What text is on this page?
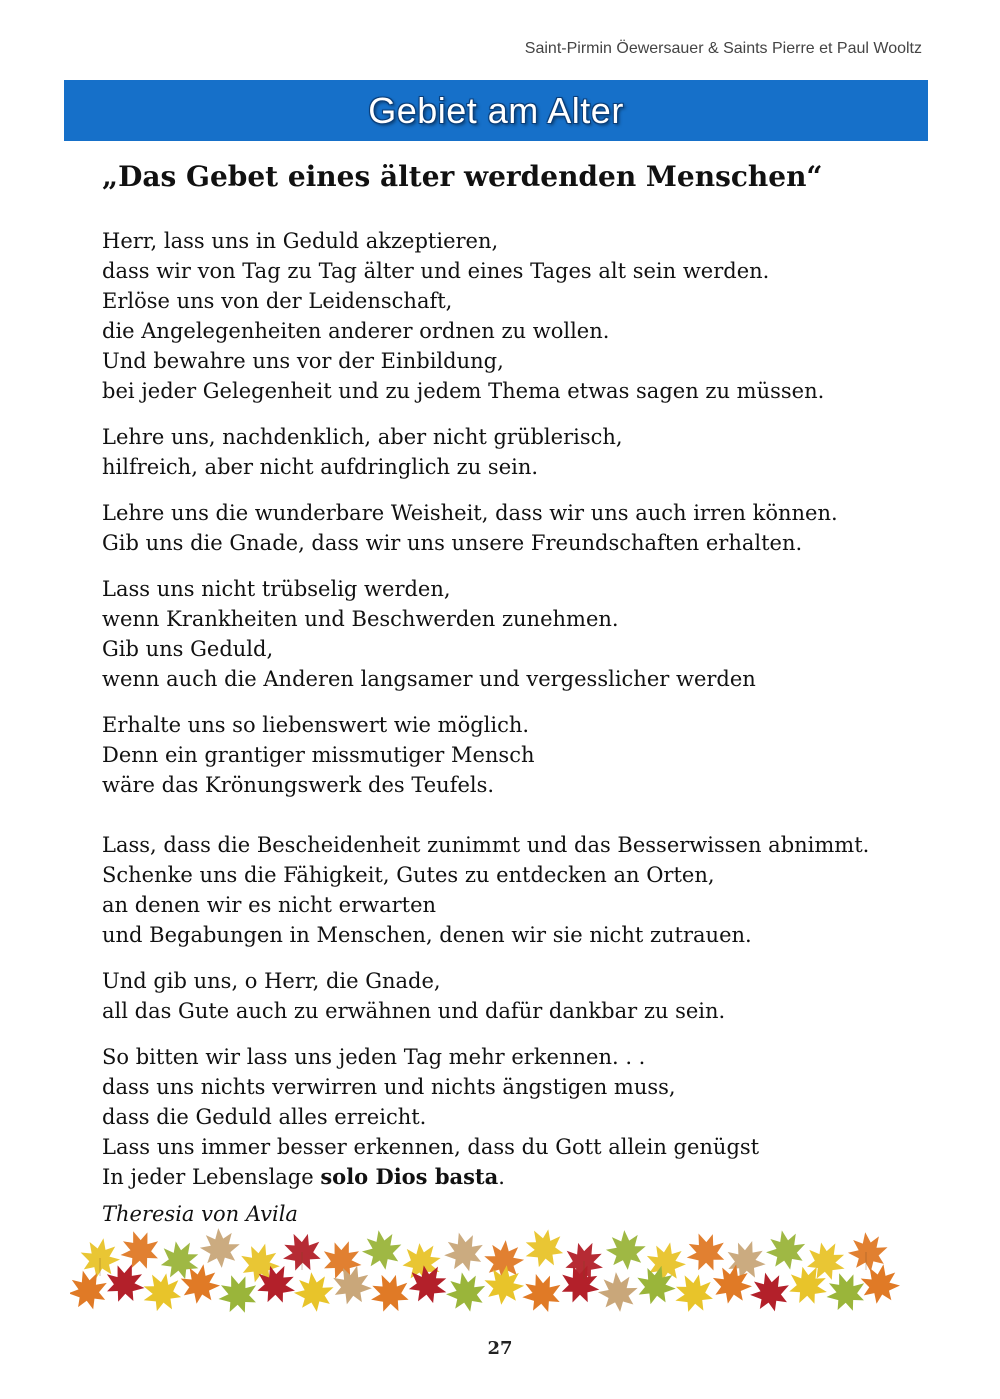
Saint-Pirmin Öewersauer & Saints Pierre et Paul Wooltz
Gebiet am Alter
„Das Gebet eines älter werdenden Menschen“

Herr, lass uns in Geduld akzeptieren,
dass wir von Tag zu Tag älter und eines Tages alt sein werden.
Erlöse uns von der Leidenschaft,
die Angelegenheiten anderer ordnen zu wollen.
Und bewahre uns vor der Einbildung,
bei jeder Gelegenheit und zu jedem Thema etwas sagen zu müssen.

Lehre uns, nachdenklich, aber nicht grüblerisch,
hilfreich, aber nicht aufdringlich zu sein.

Lehre uns die wunderbare Weisheit, dass wir uns auch irren können.
Gib uns die Gnade, dass wir uns unsere Freundschaften erhalten.

Lass uns nicht trübselig werden,
wenn Krankheiten und Beschwerden zunehmen.
Gib uns Geduld,
wenn auch die Anderen langsamer und vergesslicher werden

Erhalte uns so liebenswert wie möglich.
Denn ein grantiger missmutiger Mensch
wäre das Krönungswerk des Teufels.

Lass, dass die Bescheidenheit zunimmt und das Besserwissen abnimmt.
Schenke uns die Fähigkeit, Gutes zu entdecken an Orten,
an denen wir es nicht erwarten
und Begabungen in Menschen, denen wir sie nicht zutrauen.

Und gib uns, o Herr, die Gnade,
all das Gute auch zu erwähnen und dafür dankbar zu sein.

So bitten wir lass uns jeden Tag mehr erkennen. . .
dass uns nichts verwirren und nichts ängstigen muss,
dass die Geduld alles erreicht.
Lass uns immer besser erkennen, dass du Gott allein genügst
In jeder Lebenslage solo Dios basta.

Theresia von Avila
27
